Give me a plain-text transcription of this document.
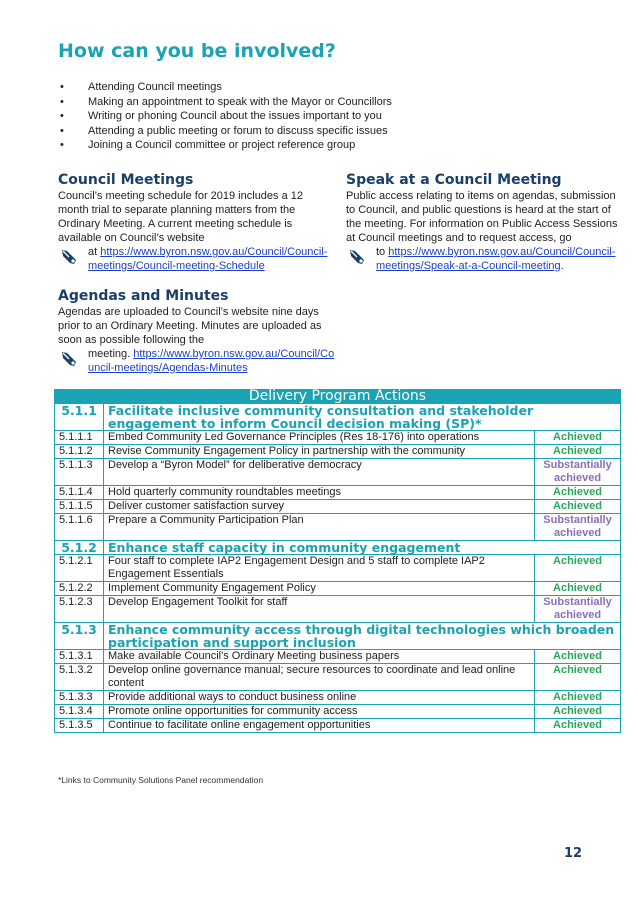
How can you be involved?
• Attending Council meetings
• Making an appointment to speak with the Mayor or Councillors
• Writing or phoning Council about the issues important to you
• Attending a public meeting or forum to discuss specific issues
• Joining a Council committee or project reference group
Council Meetings

Council’s meeting schedule for 2019 includes a 12 month trial to separate planning matters from the Ordinary Meeting. A current meeting schedule is available on Council’s website

at https://www.byron.nsw.gov.au/Council/Council-meetings/Council-meeting-Schedule
Agendas and Minutes

Agendas are uploaded to Council’s website nine days prior to an Ordinary Meeting. Minutes are uploaded as soon as possible following the

meeting. https://www.byron.nsw.gov.au/Council/Council-meetings/Agendas-Minutes
Speak at a Council Meeting

Public access relating to items on agendas, submission to Council, and public questions is heard at the start of the meeting. For information on Public Access Sessions at Council meetings and to request access, go

to https://www.byron.nsw.gov.au/Council/Council-meetings/Speak-at-a-Council-meeting.
Delivery Program Actions		
5.1.1	Facilitate inclusive community consultation and stakeholder engagement to inform Council decision making (SP)*	
5.1.1.1	Embed Community Led Governance Principles (Res 18-176) into operations	Achieved
5.1.1.2	Revise Community Engagement Policy in partnership with the community	Achieved
5.1.1.3	Develop a “Byron Model” for deliberative democracy	Substantially achieved
5.1.1.4	Hold quarterly community roundtables meetings	Achieved
5.1.1.5	Deliver customer satisfaction survey	Achieved
5.1.1.6	Prepare a Community Participation Plan	Substantially achieved
5.1.2	Enhance staff capacity in community engagement	
5.1.2.1	Four staff to complete IAP2 Engagement Design and 5 staff to complete IAP2 Engagement Essentials	Achieved
5.1.2.2	Implement Community Engagement Policy	Achieved
5.1.2.3	Develop Engagement Toolkit for staff	Substantially achieved
5.1.3	Enhance community access through digital technologies which broaden participation and support inclusion	
5.1.3.1	Make available Council's Ordinary Meeting business papers	Achieved
5.1.3.2	Develop online governance manual; secure resources to coordinate and lead online content	Achieved
5.1.3.3	Provide additional ways to conduct business online	Achieved
5.1.3.4	Promote online opportunities for community access	Achieved
5.1.3.5	Continue to facilitate online engagement opportunities	Achieved
*Links to Community Solutions Panel recommendation
12
